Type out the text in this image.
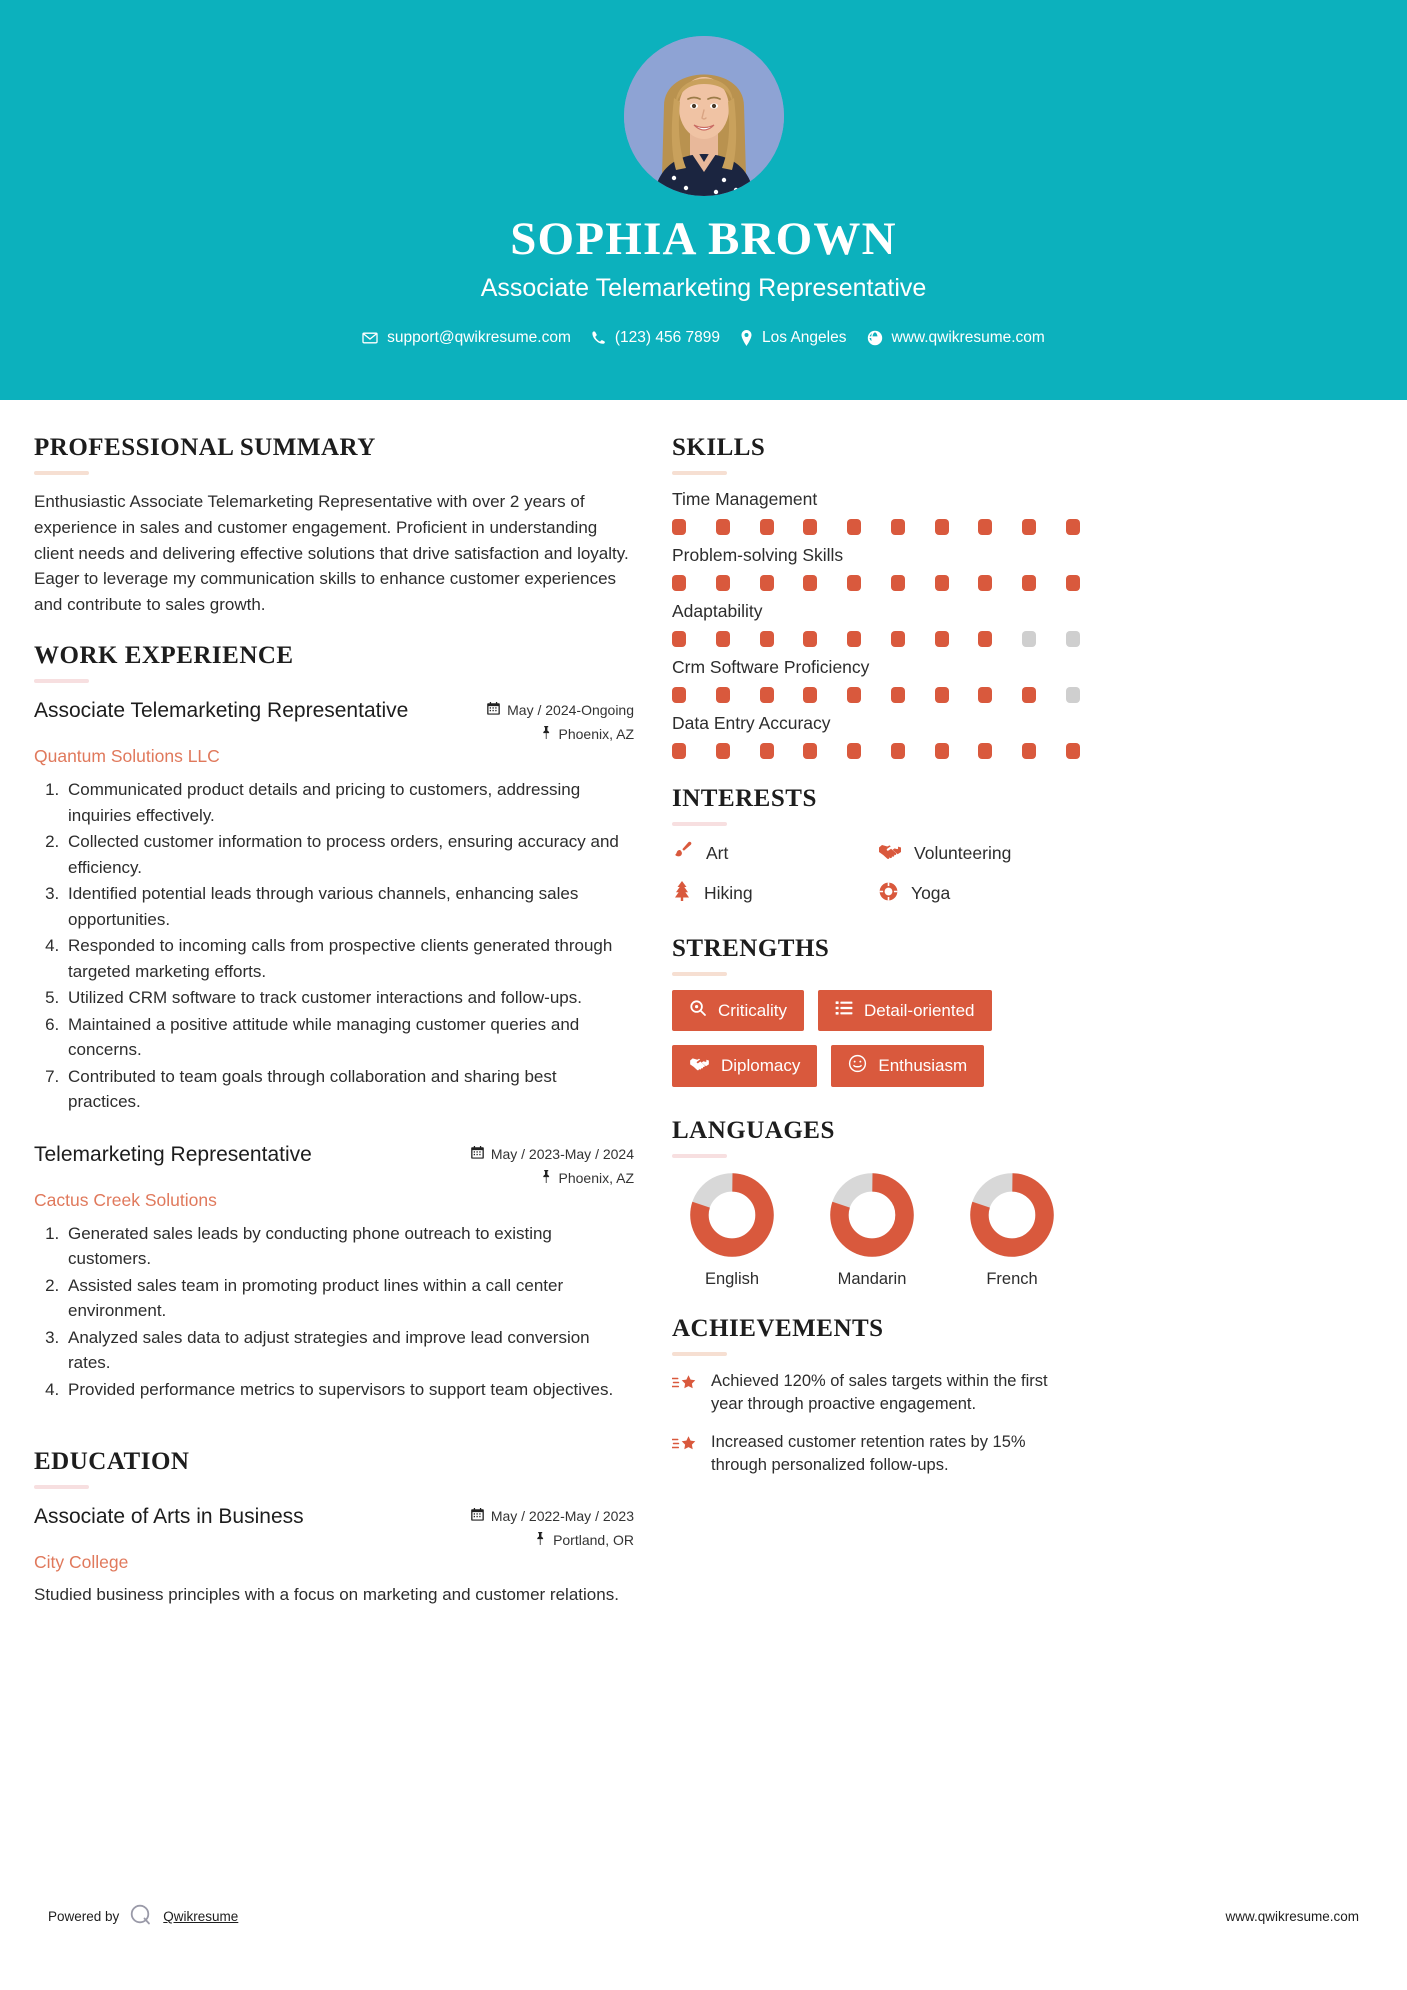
SOPHIA BROWN
Associate Telemarketing Representative
support@qwikresume.com	(123) 456 7899	Los Angeles	www.qwikresume.com
PROFESSIONAL SUMMARY
Enthusiastic Associate Telemarketing Representative with over 2 years of experience in sales and customer engagement. Proficient in understanding client needs and delivering effective solutions that drive satisfaction and loyalty. Eager to leverage my communication skills to enhance customer experiences and contribute to sales growth.
WORK EXPERIENCE
Associate Telemarketing Representative	May / 2024-Ongoing
Phoenix, AZ
Quantum Solutions LLC
1. Communicated product details and pricing to customers, addressing inquiries effectively.
2. Collected customer information to process orders, ensuring accuracy and efficiency.
3. Identified potential leads through various channels, enhancing sales opportunities.
4. Responded to incoming calls from prospective clients generated through targeted marketing efforts.
5. Utilized CRM software to track customer interactions and follow-ups.
6. Maintained a positive attitude while managing customer queries and concerns.
7. Contributed to team goals through collaboration and sharing best practices.
Telemarketing Representative	May / 2023-May / 2024
Phoenix, AZ
Cactus Creek Solutions
1. Generated sales leads by conducting phone outreach to existing customers.
2. Assisted sales team in promoting product lines within a call center environment.
3. Analyzed sales data to adjust strategies and improve lead conversion rates.
4. Provided performance metrics to supervisors to support team objectives.
EDUCATION
Associate of Arts in Business	May / 2022-May / 2023
Portland, OR
City College
Studied business principles with a focus on marketing and customer relations.
SKILLS
Time Management
Problem-solving Skills
Adaptability
Crm Software Proficiency
Data Entry Accuracy
INTERESTS
Art	Volunteering
Hiking	Yoga
STRENGTHS
Criticality	Detail-oriented
Diplomacy	Enthusiasm
LANGUAGES
English	Mandarin	French
ACHIEVEMENTS
Achieved 120% of sales targets within the first year through proactive engagement.
Increased customer retention rates by 15% through personalized follow-ups.
Powered by	Qwikresume	www.qwikresume.com
